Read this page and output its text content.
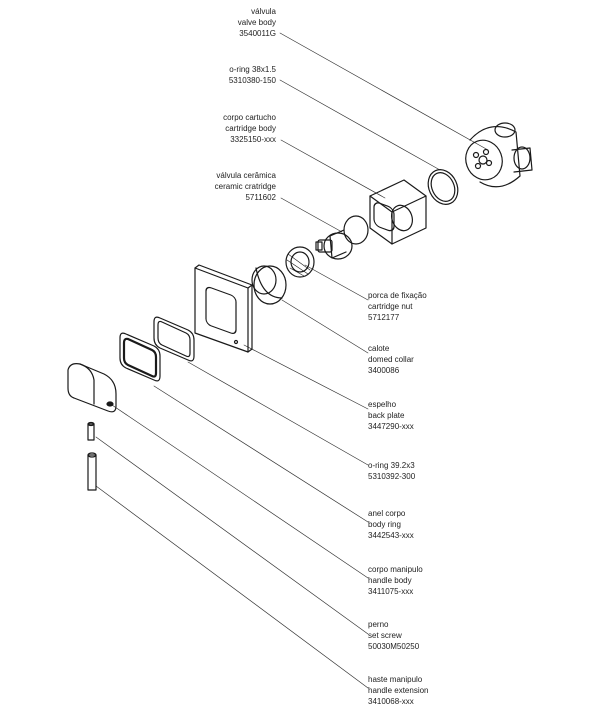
válvula
valve body
3540011G
o-ring 38x1.5
5310380-150
corpo cartucho
cartridge body
3325150-xxx
válvula cerâmica
ceramic cratridge
5711602
porca de fixação
cartridge nut
5712177
calote
domed collar
3400086
espelho
back plate
3447290-xxx
o-ring 39.2x3
5310392-300
anel corpo
body ring
3442543-xxx
corpo manipulo
handle body
3411075-xxx
perno
set screw
50030M50250
haste manipulo
handle extension
3410068-xxx
